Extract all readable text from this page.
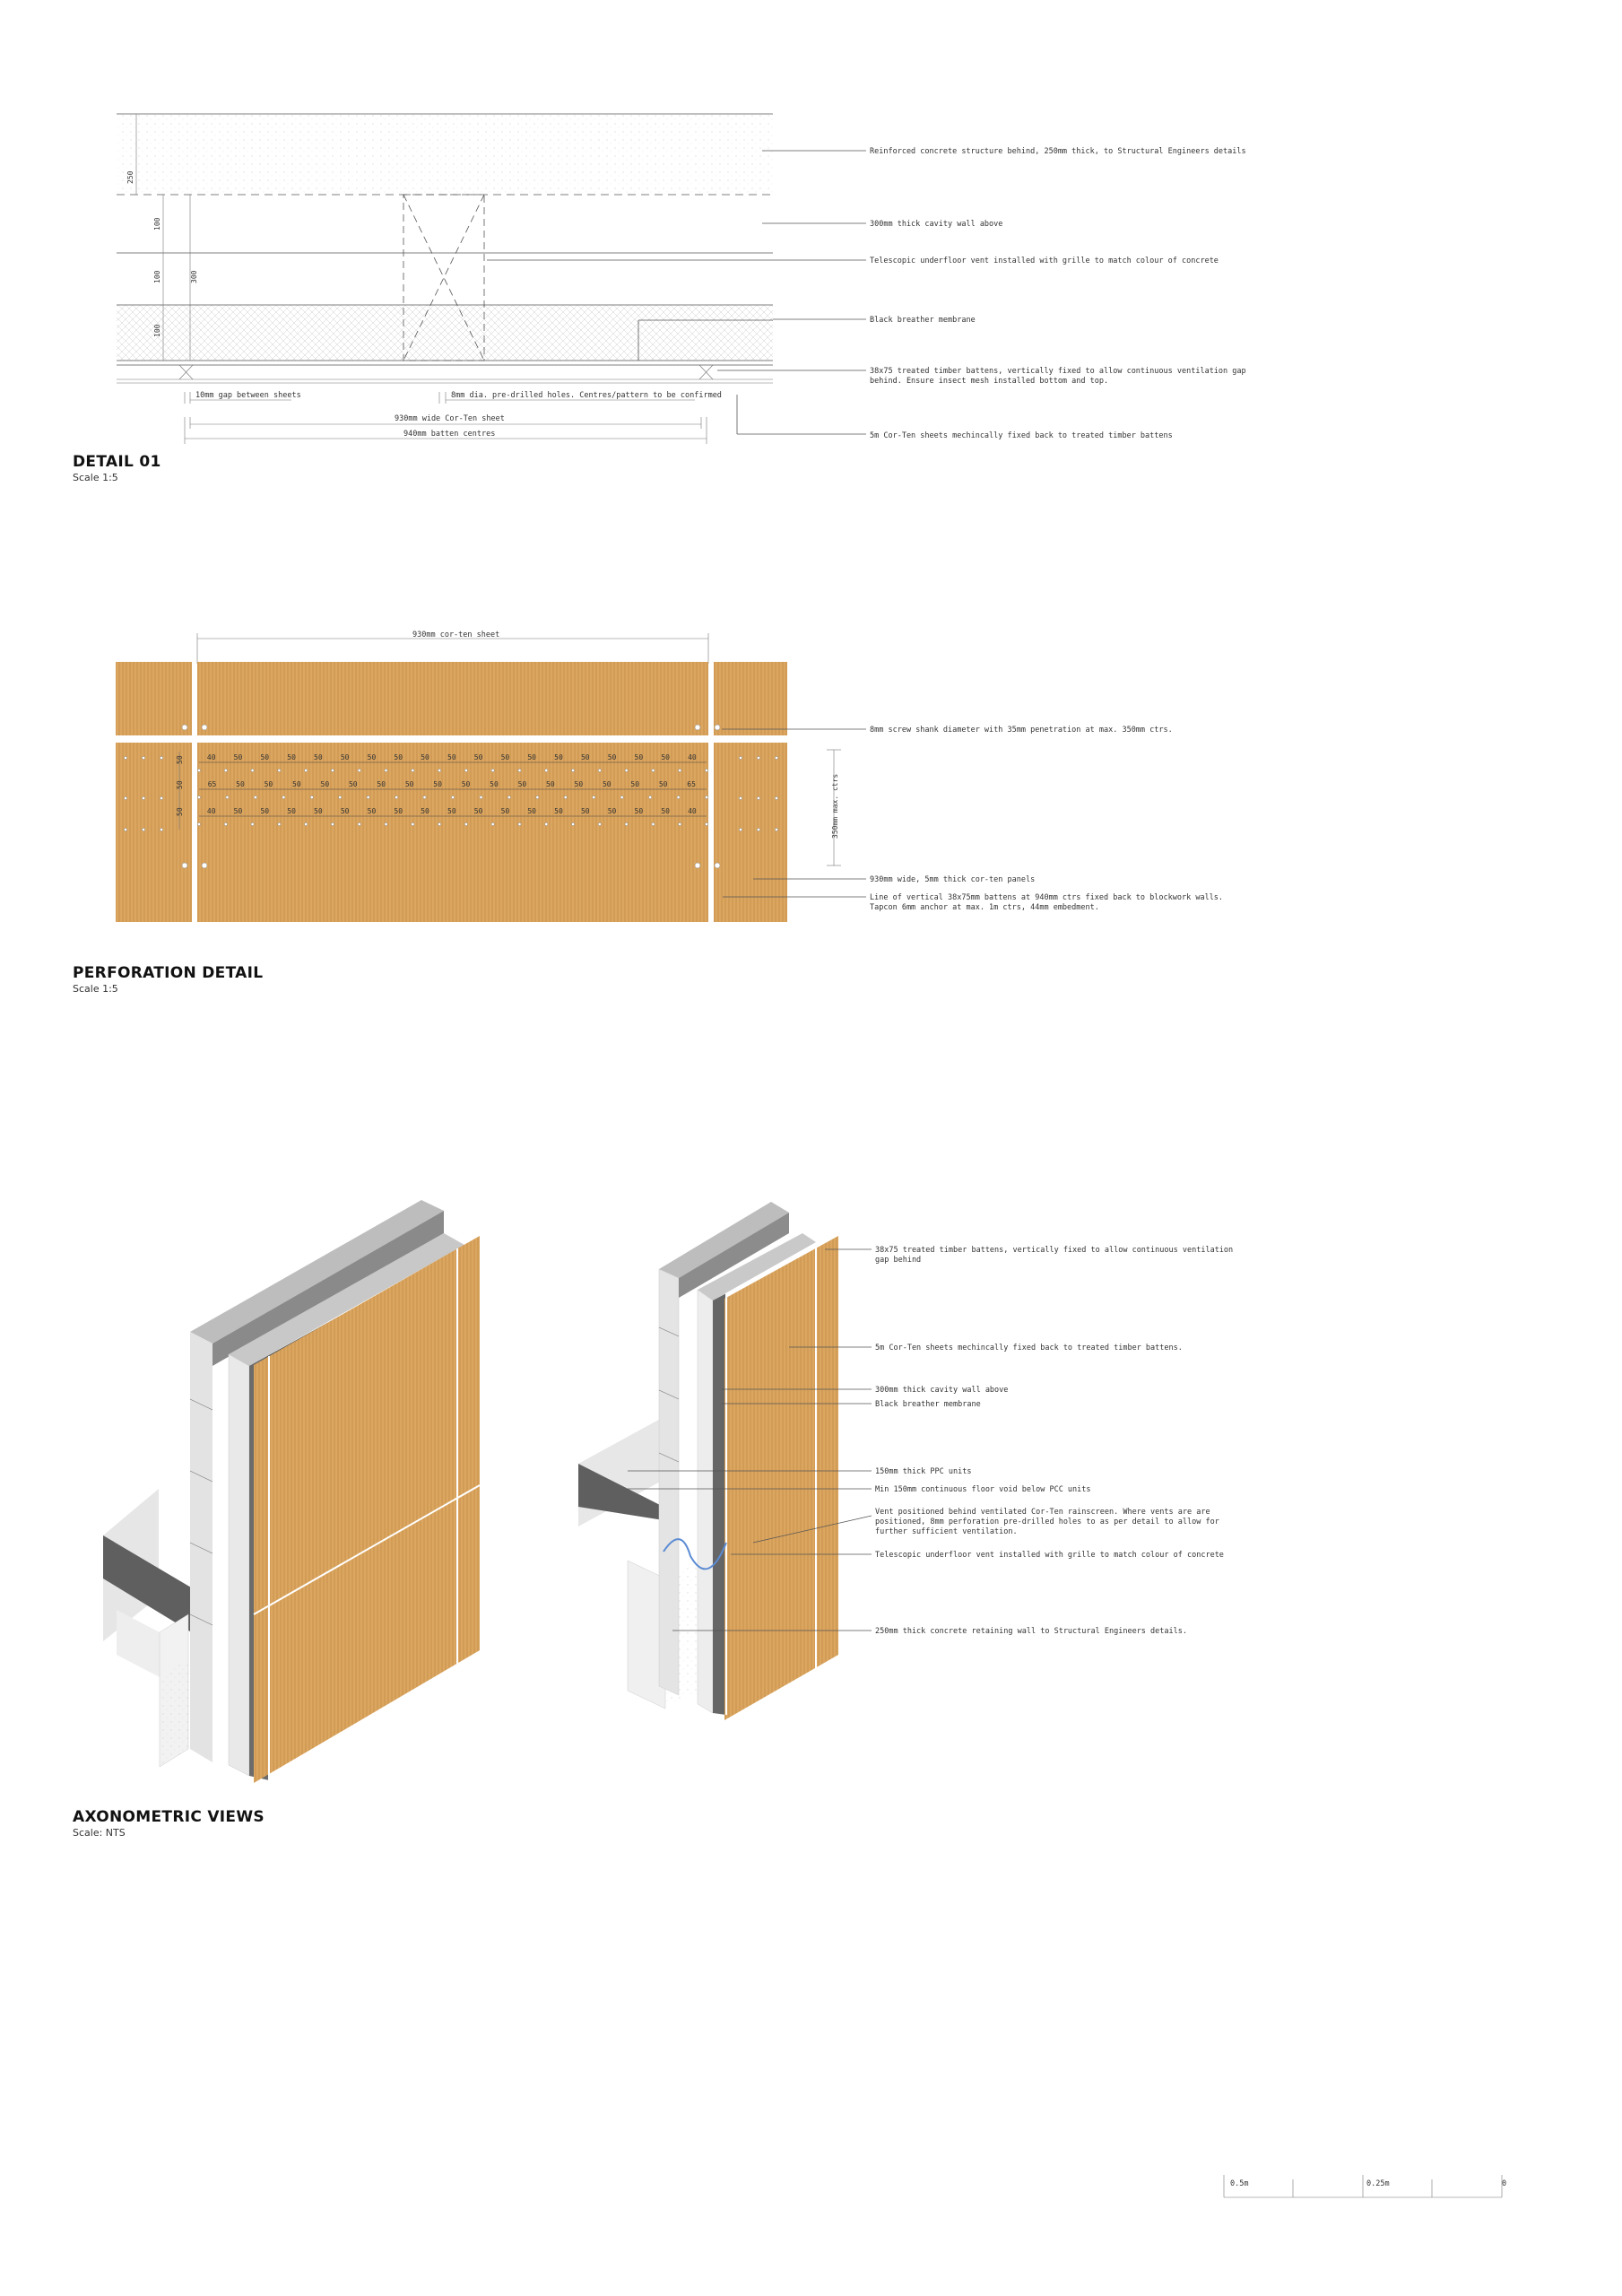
250
100
100
100
300
Reinforced concrete structure behind, 250mm thick, to Structural Engineers details
300mm thick cavity wall above
Telescopic underfloor vent installed with grille to match colour of concrete
Black breather membrane
38x75 treated timber battens, vertically fixed to allow continuous ventilation gap
behind. Ensure insect mesh installed bottom and top.
5m Cor-Ten sheets mechincally fixed back to treated timber battens
10mm gap between sheets	8mm dia. pre-drilled holes. Centres/pattern to be confirmed
930mm wide Cor-Ten sheet
940mm batten centres
DETAIL 01
Scale 1:5
930mm cor-ten sheet
40	50	50	50	50	50	50	50	50	50	50	50	50	50	50	50	50	50	40
65	50	50	50	50	50	50	50	50	50	50	50	50	50	50	50	50	65
40	50	50	50	50	50	50	50	50	50	50	50	50	50	50	50	50	50	40
50
50
50	350mm max. ctrs
8mm screw shank diameter with 35mm penetration at max. 350mm ctrs.
930mm wide, 5mm thick cor-ten panels
Line of vertical 38x75mm battens at 940mm ctrs fixed back to blockwork walls.
Tapcon 6mm anchor at max. 1m ctrs, 44mm embedment.
PERFORATION DETAIL
Scale 1:5
38x75 treated timber battens, vertically fixed to allow continuous ventilation
gap behind
5m Cor-Ten sheets mechincally fixed back to treated timber battens.
300mm thick cavity wall above
Black breather membrane
150mm thick PPC units
Min 150mm continuous floor void below PCC units
Vent positioned behind ventilated Cor-Ten rainscreen. Where vents are are
positioned, 8mm perforation pre-drilled holes to as per detail to allow for
further sufficient ventilation.
Telescopic underfloor vent installed with grille to match colour of concrete
250mm thick concrete retaining wall to Structural Engineers details.
AXONOMETRIC VIEWS
Scale: NTS
0.5m	0.25m	0
